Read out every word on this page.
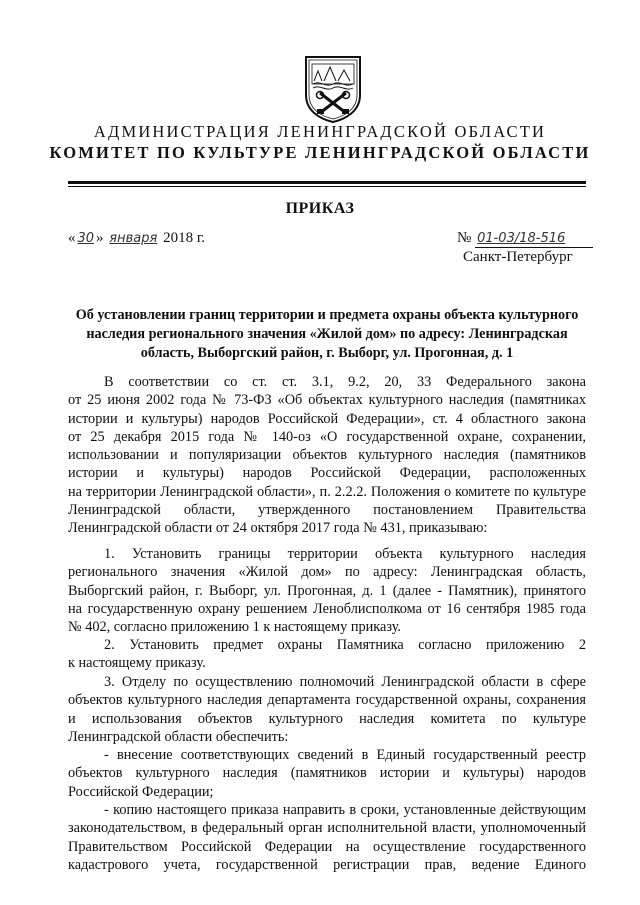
АДМИНИСТРАЦИЯ ЛЕНИНГРАДСКОЙ ОБЛАСТИ
КОМИТЕТ ПО КУЛЬТУРЕ ЛЕНИНГРАДСКОЙ ОБЛАСТИ
ПРИКАЗ
« 30 » января 2018 г.	№ 01-03/18-516
Санкт-Петербург
Об установлении границ территории и предмета охраны объекта культурного
наследия регионального значения «Жилой дом» по адресу: Ленинградская
область, Выборгский район, г. Выборг, ул. Прогонная, д. 1
В соответствии со ст. ст. 3.1, 9.2, 20, 33 Федерального закона
от 25 июня 2002 года № 73-ФЗ «Об объектах культурного наследия (памятниках
истории и культуры) народов Российской Федерации», ст. 4 областного закона
от 25 декабря 2015 года № 140-оз «О государственной охране, сохранении,
использовании и популяризации объектов культурного наследия (памятников
истории и культуры) народов Российской Федерации, расположенных
на территории Ленинградской области», п. 2.2.2. Положения о комитете по культуре
Ленинградской области, утвержденного постановлением Правительства
Ленинградской области от 24 октября 2017 года № 431, приказываю:
1. Установить границы территории объекта культурного наследия
регионального значения «Жилой дом» по адресу: Ленинградская область,
Выборгский район, г. Выборг, ул. Прогонная, д. 1 (далее - Памятник), принятого
на государственную охрану решением Леноблисполкома от 16 сентября 1985 года
№ 402, согласно приложению 1 к настоящему приказу.
2. Установить предмет охраны Памятника согласно приложению 2
к настоящему приказу.
3. Отделу по осуществлению полномочий Ленинградской области в сфере
объектов культурного наследия департамента государственной охраны, сохранения
и использования объектов культурного наследия комитета по культуре
Ленинградской области обеспечить:
- внесение соответствующих сведений в Единый государственный реестр
объектов культурного наследия (памятников истории и культуры) народов
Российской Федерации;
- копию настоящего приказа направить в сроки, установленные действующим
законодательством, в федеральный орган исполнительной власти, уполномоченный
Правительством Российской Федерации на осуществление государственного
кадастрового учета, государственной регистрации прав, ведение Единого
